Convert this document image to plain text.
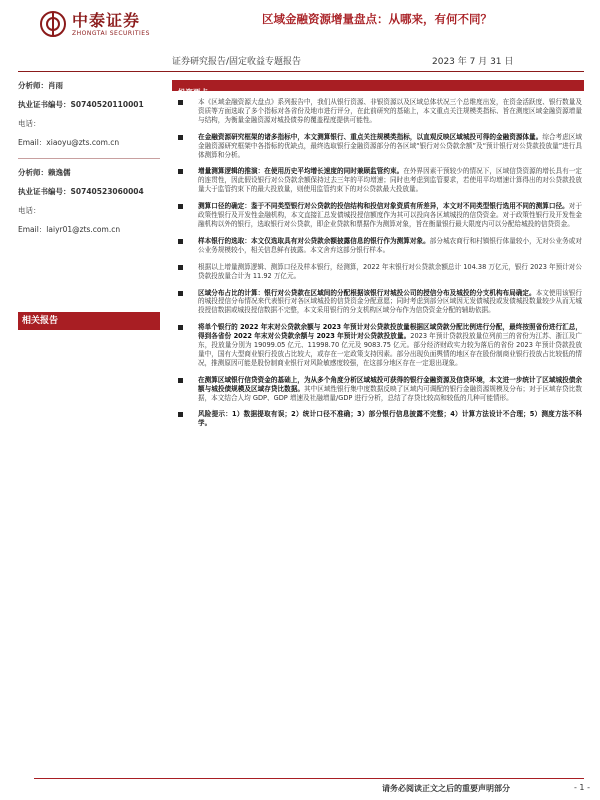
中泰证券
ZHONGTAI SECURITIES
区域金融资源增量盘点：从哪来，有何不同？
证券研究报告/固定收益专题报告	2023 年 7 月 31 日
分析师：肖雨
执业证书编号：S0740520110001
电话：
Email：xiaoyu@zts.com.cn
分析师：赖逸儒
执业证书编号：S0740523060004
电话：
Email：laiyr01@zts.com.cn
相关报告
投资要点
本《区域金融资源大盘点》系列报告中，我们从银行资源、非银资源以及区域总体状况三个总维度出发，在资金活跃度、银行数量及资质等方面选取了多个指标对各省份及地市进行评分，在此前研究的基础上，本文重点关注规模类指标、旨在测度区域金融资源增量与结构，为衡量金融资源对城投债券的覆盖程度提供可能性。
在金融资源研究框架的诸多指标中，本文测算银行、重点关注规模类指标，以直观反映区域城投可得的金融资源体量。综合考虑区域金融资源研究框架中各指标的优缺点，最终选取银行金融资源部分的各区域“银行对公贷款余额”及“预计银行对公贷款投放量”进行具体测算和分析。
增量测算逻辑的推演：在使用历史平均增长速度的同时兼顾监管约束。在外界因素干预较少的情况下，区域信贷资源的增长具有一定的连贯性，因此假设银行对公贷款余额保持过去三年的平均增速；同时也考虑到监管要求，若使用平均增速计算得出的对公贷款投放量大于监管约束下的最大投放量，则使用监管约束下的对公贷款最大投放量。
测算口径的确定：鉴于不同类型银行对公贷款的投信结构和投信对象资质有所差异，本文对不同类型银行选用不同的测算口径。对于政策性银行及开发性金融机构，本文直接汇总发债城投授信额度作为其可以投向各区域城投的信贷资金。对于政策性银行及开发性金融机构以外的银行，选取银行对公贷款，即企业贷款和票据作为测算对象，旨在衡量银行最大限度内可以分配给城投的信贷资金。
样本银行的选取：本文仅选取具有对公贷款余额披露信息的银行作为测算对象。部分城农商行和村镇银行体量较小，无对公业务或对公业务规模较小，相关信息鲜有披露。本文舍弃这部分银行样本。
根据以上增量测算逻辑、测算口径及样本银行，经测算，2022 年末银行对公贷款余额总计 104.38 万亿元，银行 2023 年预计对公贷款投放量合计为 11.92 万亿元。
区域分布占比的计算：银行对公贷款在区域间的分配根据该银行对城投公司的授信分布及城投的分支机构布局确定。本文使用该银行的城投授信分布情况来代表银行对各区域城投的信贷资金分配意愿；同时考虑到部分区域因无发债城投或发债城投数量较少从而无城投授信数据或城投授信数据不完整，本文采用银行的分支机构区域分布作为信贷资金分配的辅助依据。
将单个银行的 2022 年末对公贷款余额与 2023 年预计对公贷款投放量根据区域贷款分配比例进行分配，最终按照省份进行汇总，得到各省份 2022 年末对公贷款余额与 2023 年预计对公贷款投放量。2023 年预计贷款投放量位列前三的省份为江苏、浙江及广东，投放量分别为 19099.05 亿元、11998.70 亿元及 9083.75 亿元。部分经济财政实力较为落后的省份 2023 年预计贷款投放量中，国有大型商业银行投放占比较大，或存在一定政策支持因素。部分出现负面舆情的地区存在股份制商业银行投放占比较低的情况，推测原因可能是股份制商业银行对风险敏感度较强，在这部分地区存在一定退出现象。
在测算区域银行信贷资金的基础上，为从多个角度分析区域城投可获得的银行金融资源及信贷环境，本文进一步统计了区域城投债余额与城投债规模及区域存贷比数据。其中区域性银行集中度数据反映了区域内可调配的银行金融资源规模及分布；对于区域存贷比数据，本文结合人均 GDP、GDP 增速及社融增量/GDP 进行分析，总结了存贷比较高和较低的几种可能情形。
风险提示：1）数据提取有误；2）统计口径不准确；3）部分银行信息披露不完整；4）计算方法设计不合理；5）测度方法不科学。
请务必阅读正文之后的重要声明部分	- 1 -
